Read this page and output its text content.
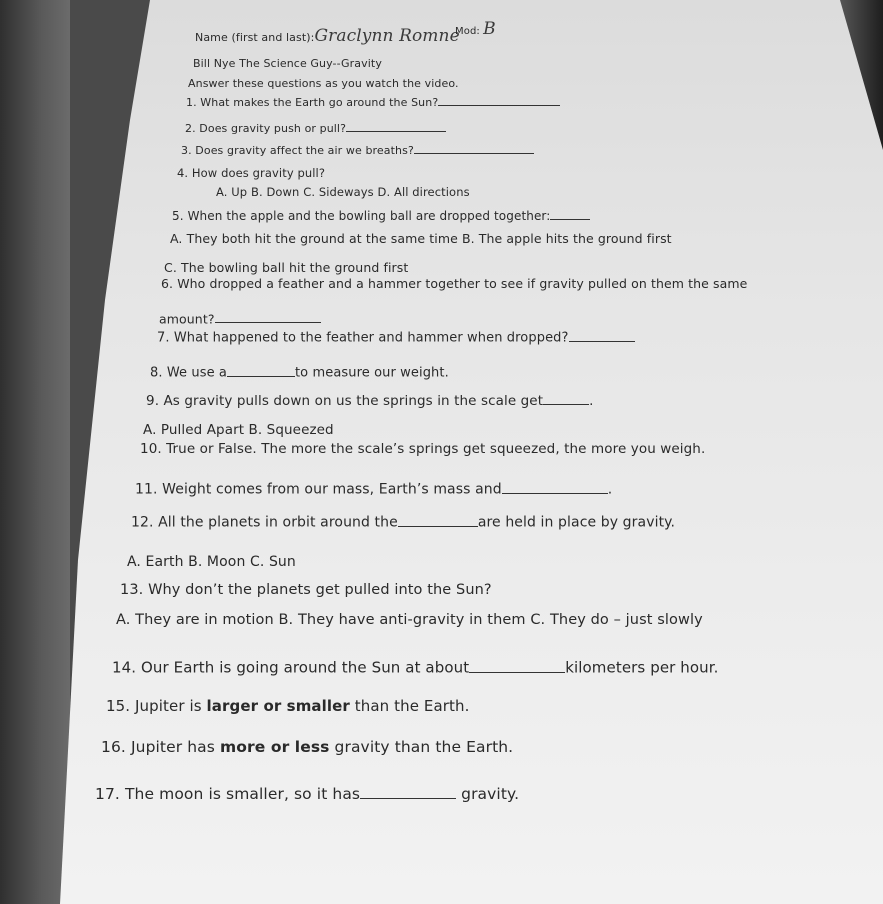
Name (first and last):Graclynn Romne
Mod: B
Bill Nye The Science Guy--Gravity
Answer these questions as you watch the video.
1. What makes the Earth go around the Sun?
2. Does gravity push or pull?
3. Does gravity affect the air we breaths?
4. How does gravity pull?
A. Up B. Down C. Sideways D. All directions
5. When the apple and the bowling ball are dropped together:
A. They both hit the ground at the same time B. The apple hits the ground first
C. The bowling ball hit the ground first
6. Who dropped a feather and a hammer together to see if gravity pulled on them the same
amount?
7. What happened to the feather and hammer when dropped?
8. We use a	to measure our weight.
9. As gravity pulls down on us the springs in the scale get	.
A. Pulled Apart B. Squeezed
10. True or False. The more the scale’s springs get squeezed, the more you weigh.
11. Weight comes from our mass, Earth’s mass and	.
12. All the planets in orbit around the	are held in place by gravity.
A. Earth B. Moon C. Sun
13. Why don’t the planets get pulled into the Sun?
A. They are in motion B. They have anti-gravity in them C. They do – just slowly
14. Our Earth is going around the Sun at about	kilometers per hour.
15. Jupiter is larger or smaller than the Earth.
16. Jupiter has more or less gravity than the Earth.
17. The moon is smaller, so it has	gravity.
